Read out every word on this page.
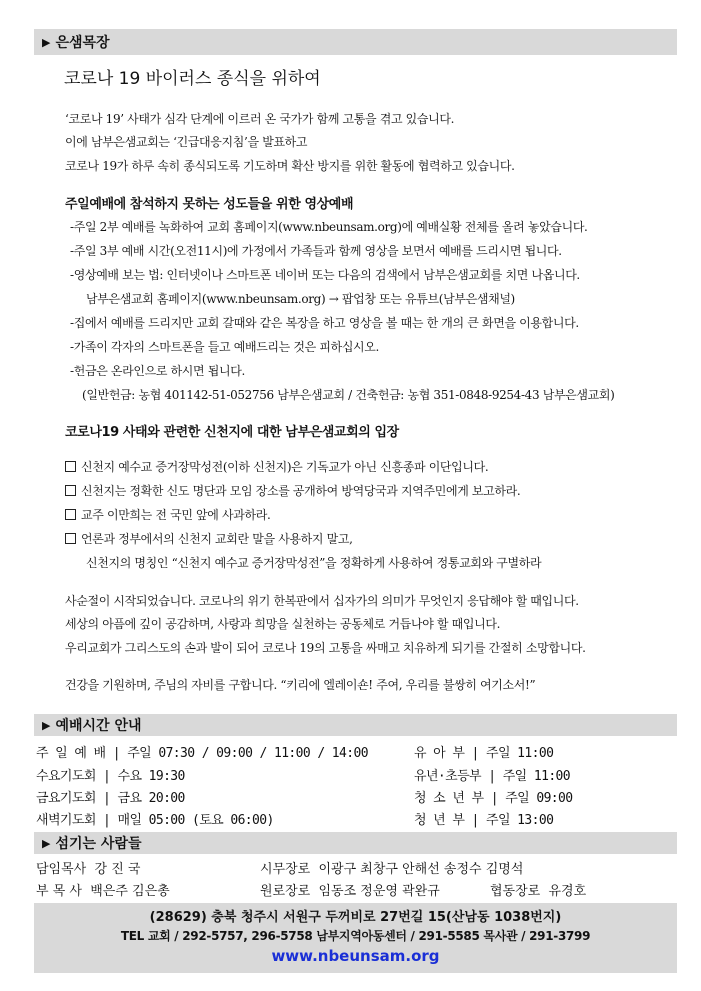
▶ 은샘목장
코로나 19 바이러스 종식을 위하여
‘코로나 19’ 사태가 심각 단계에 이르러 온 국가가 함께 고통을 겪고 있습니다.
이에 남부은샘교회는 ‘긴급대응지침’을 발표하고
코로나 19가 하루 속히 종식되도록 기도하며 확산 방지를 위한 활동에 협력하고 있습니다.
주일예배에 참석하지 못하는 성도들을 위한 영상예배
-주일 2부 예배를 녹화하여 교회 홈페이지(www.nbeunsam.org)에 예배실황 전체를 올려 놓았습니다.
-주일 3부 예배 시간(오전11시)에 가정에서 가족들과 함께 영상을 보면서 예배를 드리시면 됩니다.
-영상예배 보는 법: 인터넷이나 스마트폰 네이버 또는 다음의 검색에서 남부은샘교회를 치면 나옵니다.
남부은샘교회 홈페이지(www.nbeunsam.org) → 팝업창 또는 유튜브(남부은샘채널)
-집에서 예배를 드리지만 교회 갈때와 같은 복장을 하고 영상을 볼 때는 한 개의 큰 화면을 이용합니다.
-가족이 각자의 스마트폰을 들고 예배드리는 것은 피하십시오.
-헌금은 온라인으로 하시면 됩니다.
(일반헌금: 농협 401142-51-052756 남부은샘교회 / 건축헌금: 농협 351-0848-9254-43 남부은샘교회)
코로나19 사태와 관련한 신천지에 대한 남부은샘교회의 입장
신천지 예수교 증거장막성전(이하 신천지)은 기독교가 아닌 신흥종파 이단입니다.
신천지는 정확한 신도 명단과 모임 장소를 공개하여 방역당국과 지역주민에게 보고하라.
교주 이만희는 전 국민 앞에 사과하라.
언론과 정부에서의 신천지 교회란 말을 사용하지 말고,
신천지의 명칭인 “신천지 예수교 증거장막성전”을 정확하게 사용하여 정통교회와 구별하라
사순절이 시작되었습니다. 코로나의 위기 한복판에서 십자가의 의미가 무엇인지 응답해야 할 때입니다.
세상의 아픔에 깊이 공감하며, 사랑과 희망을 실천하는 공동체로 거듭나야 할 때입니다.
우리교회가 그리스도의 손과 발이 되어 코로나 19의 고통을 싸매고 치유하게 되기를 간절히 소망합니다.
건강을 기원하며, 주님의 자비를 구합니다. “키리에 엘레이숀! 주여, 우리를 불쌍히 여기소서!”
▶ 예배시간 안내
주 일 예 배 | 주일 07:30 / 09:00 / 11:00 / 14:00
수요기도회 | 수요 19:30
금요기도회 | 금요 20:00
새벽기도회 | 매일 05:00 (토요 06:00)
유 아 부 | 주일 11:00
유년·초등부 | 주일 11:00
청 소 년 부 | 주일 09:00
청 년 부 | 주일 13:00
▶ 섬기는 사람들
담임목사 강 진 국	시무장로 이광구 최창구 안해선 송정수 김명석
부 목 사 백은주 김은총	원로장로 임동조 정운영 곽완규	협동장로 유경호
(28629) 충북 청주시 서원구 두꺼비로 27번길 15(산남동 1038번지)
TEL 교회 / 292-5757, 296-5758 남부지역아동센터 / 291-5585 목사관 / 291-3799
www.nbeunsam.org
